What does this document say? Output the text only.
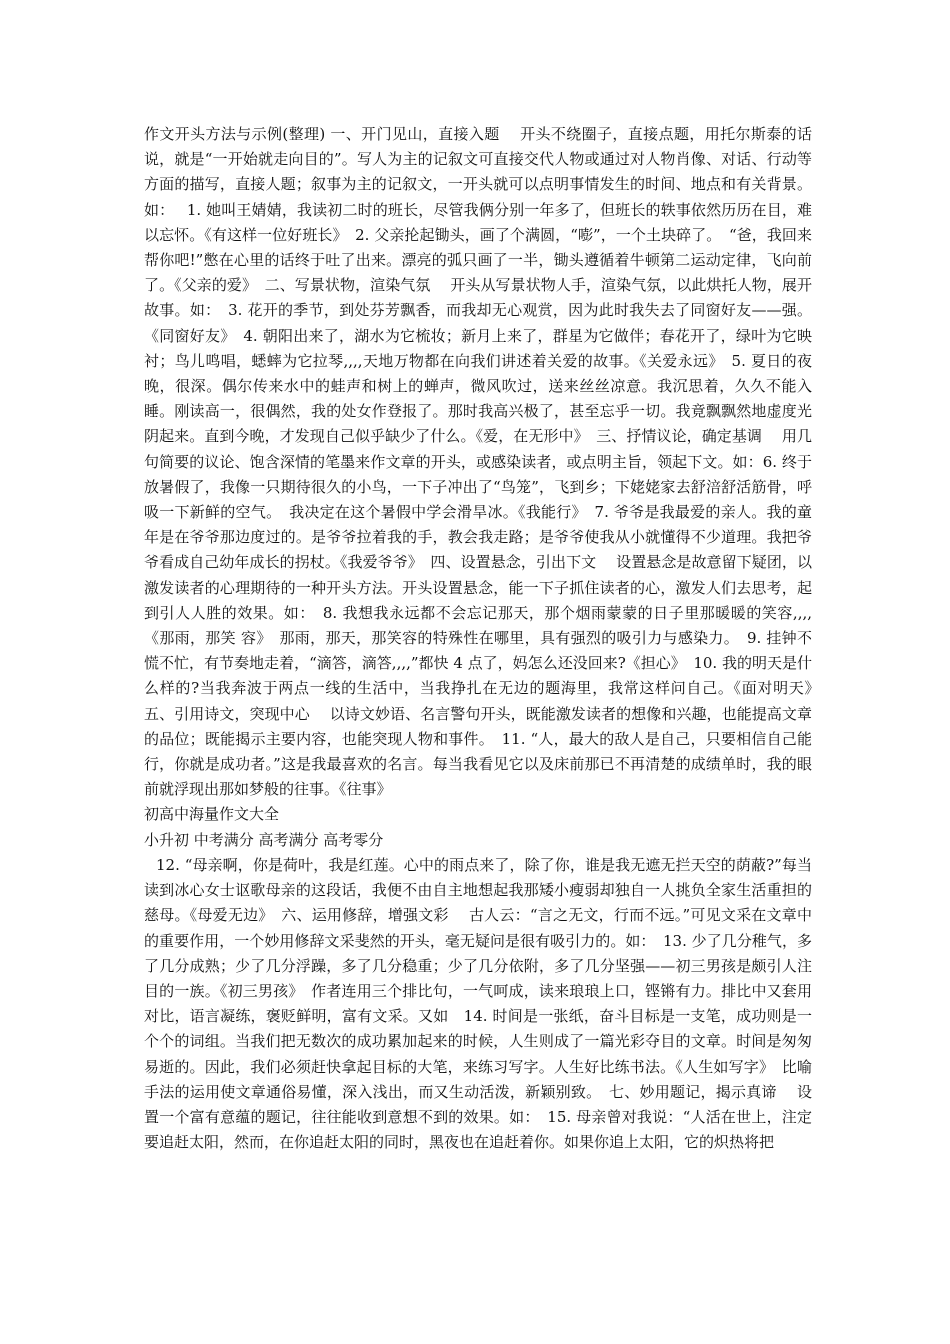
作文开头方法与示例(整理) 一、开门见山，直接入题　 开头不绕圈子，直接点题，用托尔斯泰的话说，就是“一开始就走向目的”。写人为主的记叙文可直接交代人物或通过对人物肖像、对话、行动等方面的描写，直接人题；叙事为主的记叙文，一开头就可以点明事情发生的时间、地点和有关背景。如：　 1. 她叫王婧婧，我读初二时的班长，尽管我俩分别一年多了，但班长的轶事依然历历在目，难以忘怀。《有这样一位好班长》　2. 父亲抡起锄头，画了个满圆，“嘭”，一个土块碎了。　“爸，我回来帮你吧!”憋在心里的话终于吐了出来。漂亮的弧只画了一半，锄头遵循着牛顿第二运动定律，飞向前了。《父亲的爱》　二、写景状物，渲染气氛　 开头从写景状物人手，渲染气氛，以此烘托人物，展开故事。如：　3. 花开的季节，到处芬芳飘香，而我却无心观赏，因为此时我失去了同窗好友——强。《同窗好友》　4. 朝阳出来了，湖水为它梳妆；新月上来了，群星为它做伴；春花开了，绿叶为它映衬；鸟儿鸣唱，蟋蟀为它拉琴,,,,天地万物都在向我们讲述着关爱的故事。《关爱永远》　5. 夏日的夜晚，很深。偶尔传来水中的蛙声和树上的蝉声，微风吹过，送来丝丝凉意。我沉思着，久久不能入睡。刚读高一，很偶然，我的处女作登报了。那时我高兴极了，甚至忘乎一切。我竟飘飘然地虚度光阴起来。直到今晚，才发现自己似乎缺少了什么。《爱，在无形中》　三、抒情议论，确定基调　 用几句简要的议论、饱含深情的笔墨来作文章的开头，或感染读者，或点明主旨，领起下文。如：6. 终于放暑假了，我像一只期待很久的小鸟，一下子冲出了“鸟笼”，飞到乡；下姥姥家去舒涪舒活筋骨，呼吸一下新鲜的空气。　我决定在这个暑假中学会滑旱冰。《我能行》　7. 爷爷是我最爱的亲人。我的童年是在爷爷那边度过的。是爷爷拉着我的手，教会我走路；是爷爷使我从小就懂得不少道理。我把爷爷看成自己幼年成长的拐杖。《我爱爷爷》　四、设置悬念，引出下文　 设置悬念是故意留下疑团，以激发读者的心理期待的一种开头方法。开头设置悬念，能一下子抓住读者的心，激发人们去思考，起到引人人胜的效果。如：　8. 我想我永远都不会忘记那天，那个烟雨蒙蒙的日子里那暖暖的笑容,,,,　《那雨，那笑 容》　那雨，那天，那笑容的特殊性在哪里，具有强烈的吸引力与感染力。　9. 挂钟不慌不忙，有节奏地走着，“滴答，滴答,,,,”都快 4 点了，妈怎么还没回来?《担心》　10. 我的明天是什么样的?当我奔波于两点一线的生活中，当我挣扎在无边的题海里，我常这样问自己。《面对明天》　五、引用诗文，突现中心　 以诗文妙语、名言警句开头，既能激发读者的想像和兴趣，也能提高文章的品位；既能揭示主要内容，也能突现人物和事件。　11. “人，最大的敌人是自己，只要相信自己能行，你就是成功者。”这是我最喜欢的名言。每当我看见它以及床前那已不再清楚的成绩单时，我的眼前就浮现出那如梦般的往事。《往事》

初高中海量作文大全

小升初 中考满分 高考满分 高考零分

12. “母亲啊，你是荷叶，我是红莲。心中的雨点来了，除了你，谁是我无遮无拦天空的荫蔽?”每当读到冰心女士讴歌母亲的这段话，我便不由自主地想起我那矮小瘦弱却独自一人挑负全家生活重担的慈母。《母爱无边》　六、运用修辞，增强文彩　 古人云：“言之无文，行而不远。”可见文采在文章中的重要作用，一个妙用修辞文采斐然的开头，毫无疑问是很有吸引力的。如：　13. 少了几分稚气，多了几分成熟；少了几分浮躁，多了几分稳重；少了几分依附，多了几分坚强——初三男孩是颇引人注目的一族。《初三男孩》　作者连用三个排比句，一气呵成，读来琅琅上口，铿锵有力。排比中又套用对比，语言凝练，褒贬鲜明，富有文采。又如　14. 时间是一张纸，奋斗目标是一支笔，成功则是一个个的词组。当我们把无数次的成功累加起来的时候，人生则成了一篇光彩夺目的文章。时间是匆匆易逝的。因此，我们必须赶快拿起目标的大笔，来练习写字。人生好比练书法。《人生如写字》　比喻手法的运用使文章通俗易懂，深入浅出，而又生动活泼，新颖别致。　七、妙用题记，揭示真谛　 设置一个富有意蕴的题记，往往能收到意想不到的效果。如：　15. 母亲曾对我说：“人活在世上，注定要追赶太阳，然而，在你追赶太阳的同时，黑夜也在追赶着你。如果你追上太阳，它的炽热将把
